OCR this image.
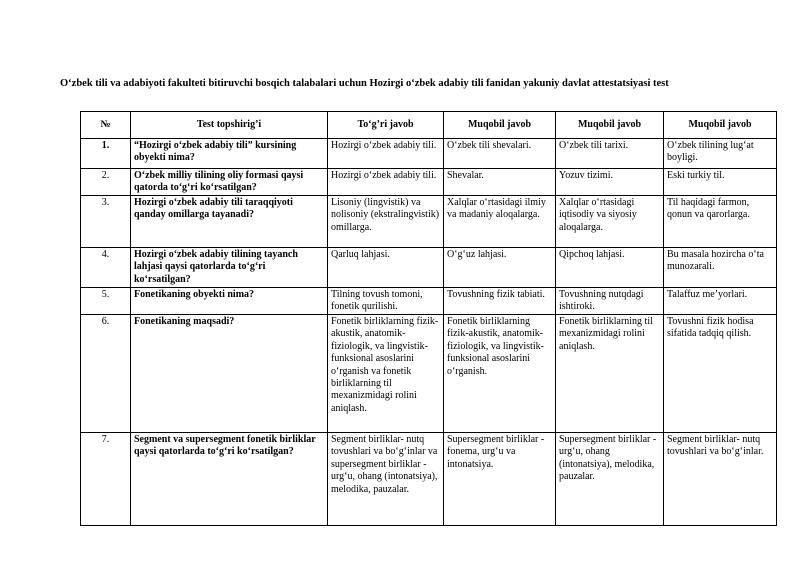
O‘zbek tili va adabiyoti fakulteti bitiruvchi bosqich talabalari uchun Hozirgi o‘zbek adabiy tili fanidan yakuniy davlat attestatsiyasi test
№	Test topshirig’i	To‘g’ri javob	Muqobil javob	Muqobil javob	Muqobil javob
1.	“Hozirgi o‘zbek adabiy tili” kursining obyekti nima?	Hozirgi o‘zbek adabiy tili.	O‘zbek tili shevalari.	O‘zbek tili tarixi.	O‘zbek tilining lug‘at boyligi.
2.	O‘zbek milliy tilining oliy formasi qaysi qatorda to‘g‘ri ko‘rsatilgan?	Hozirgi o‘zbek adabiy tili.	Shevalar.	Yozuv tizimi.	Eski turkiy til.
3.	Hozirgi o‘zbek adabiy tili taraqqiyoti qanday omillarga tayanadi?	Lisoniy (lingvistik) va nolisoniy (ekstralingvistik) omillarga.	Xalqlar o‘rtasidagi ilmiy va madaniy aloqalarga.	Xalqlar o‘rtasidagi iqtisodiy va siyosiy aloqalarga.	Til haqidagi farmon, qonun va qarorlarga.
4.	Hozirgi o‘zbek adabiy tilining tayanch lahjasi qaysi qatorlarda to‘g‘ri ko‘rsatilgan?	Qarluq lahjasi.	O‘g‘uz lahjasi.	Qipchoq lahjasi.	Bu masala hozircha o‘ta munozarali.
5.	Fonetikaning obyekti nima?	Tilning tovush tomoni, fonetik qurilishi.	Tovushning fizik tabiati.	Tovushning nutqdagi ishtiroki.	Talaffuz me’yorlari.
6.	Fonetikaning maqsadi?	Fonetik birliklarning fizik-akustik, anatomik- fiziologik, va lingvistik-funksional asoslarini o‘rganish va fonetik birliklarning til mexanizmidagi rolini aniqlash.	Fonetik birliklarning fizik-akustik, anatomik-fiziologik, va lingvistik-funksional asoslarini o‘rganish.	Fonetik birliklarning til mexanizmidagi rolini aniqlash.	Tovushni fizik hodisa sifatida tadqiq qilish.
7.	Segment va supersegment fonetik birliklar qaysi qatorlarda to‘g‘ri ko‘rsatilgan?	Segment birliklar- nutq tovushlari va bo‘g‘inlar va supersegment birliklar - urg‘u, ohang (intonatsiya), melodika, pauzalar.	Supersegment birliklar - fonema, urg‘u va intonatsiya.	Supersegment birliklar - urg‘u, ohang (intonatsiya), melodika, pauzalar.	Segment birliklar- nutq tovushlari va bo‘g‘inlar.
